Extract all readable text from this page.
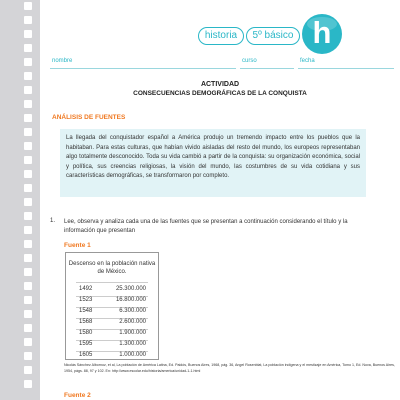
historia	5º básico h
nombre	curso	fecha
ACTIVIDAD
CONSECUENCIAS DEMOGRÁFICAS DE LA CONQUISTA
ANÁLISIS DE FUENTES
La llegada del conquistador español a América produjo un tremendo impacto entre los pueblos que la habitaban. Para estas culturas, que habían vivido aisladas del resto del mundo, los europeos representaban algo totalmente desconocido. Toda su vida cambió a partir de la conquista: su organización económica, social y política, sus creencias religiosas, la visión del mundo, las costumbres de su vida cotidiana y sus características demográficas, se transformaron por completo.
1. Lee, observa y analiza cada una de las fuentes que se presentan a continuación considerando el título y la información que presentan
Fuente 1
Descenso en la población nativa de México.
1492	25.300.000
1523	16.800.000
1548	6.300.000
1568	2.600.000
1580	1.900.000
1595	1.300.000
1605	1.000.000
Nicolás Sánchez Albornoz, et al, La población de América Latina, Ed. Paidós, Buenos Aires, 1968, pág. 36, Angel Rosenblat, La población indígena y el mestizaje en América, Tomo 1, Ed. Nova, Buenos Aires, 1954, págs. 88, 97 y 102. En: http://www.escolar.edu/historia/america/unidad-1-1.html
Fuente 2
